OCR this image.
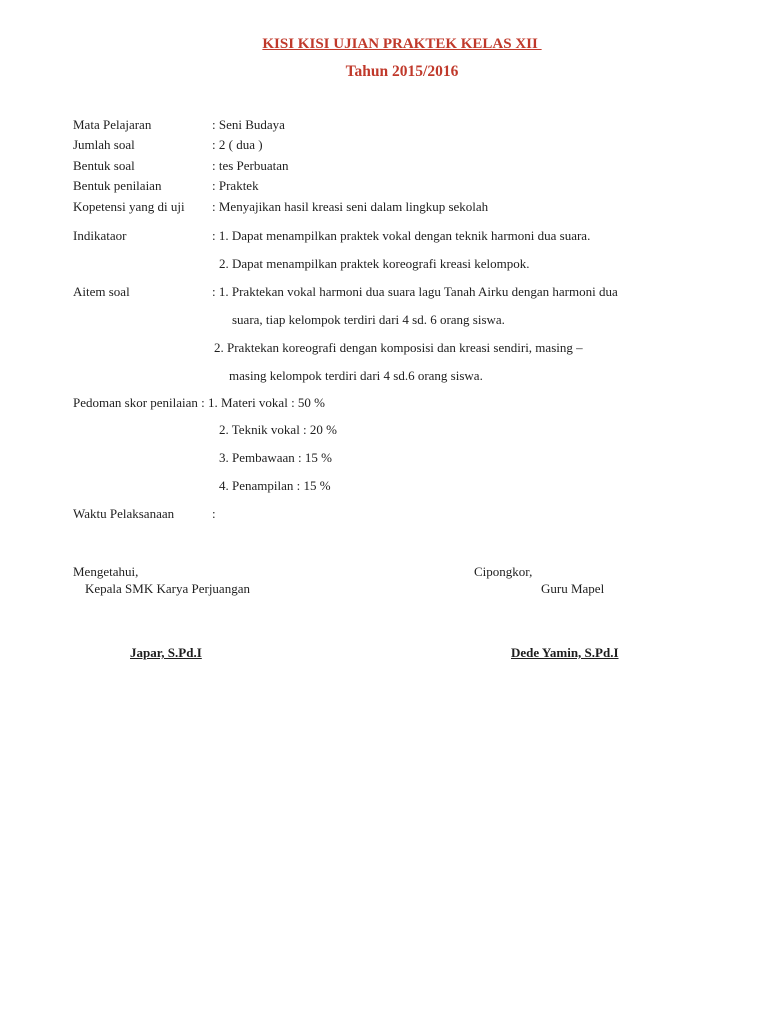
KISI KISI UJIAN PRAKTEK KELAS XII
Tahun 2015/2016
Mata Pelajaran	: Seni Budaya
Jumlah soal	: 2 ( dua )
Bentuk soal	: tes Perbuatan
Bentuk penilaian	: Praktek
Kopetensi yang di uji : Menyajikan hasil kreasi seni dalam lingkup sekolah
Indikataor	: 1. Dapat menampilkan praktek vokal dengan teknik harmoni dua suara.
2. Dapat menampilkan praktek koreografi kreasi kelompok.
Aitem soal	: 1. Praktekan vokal harmoni dua suara lagu Tanah Airku dengan harmoni dua
suara, tiap kelompok terdiri dari 4 sd. 6 orang siswa.
2. Praktekan koreografi dengan komposisi dan kreasi sendiri, masing –
masing kelompok terdiri dari 4 sd.6 orang siswa.
Pedoman skor penilaian : 1. Materi vokal : 50 %
2. Teknik vokal : 20 %
3. Pembawaan : 15 %
4. Penampilan : 15 %
Waktu Pelaksanaan	:
Mengetahui,
Kepala SMK Karya Perjuangan
Japar, S.Pd.I
Cipongkor,
Guru Mapel
Dede Yamin, S.Pd.I
